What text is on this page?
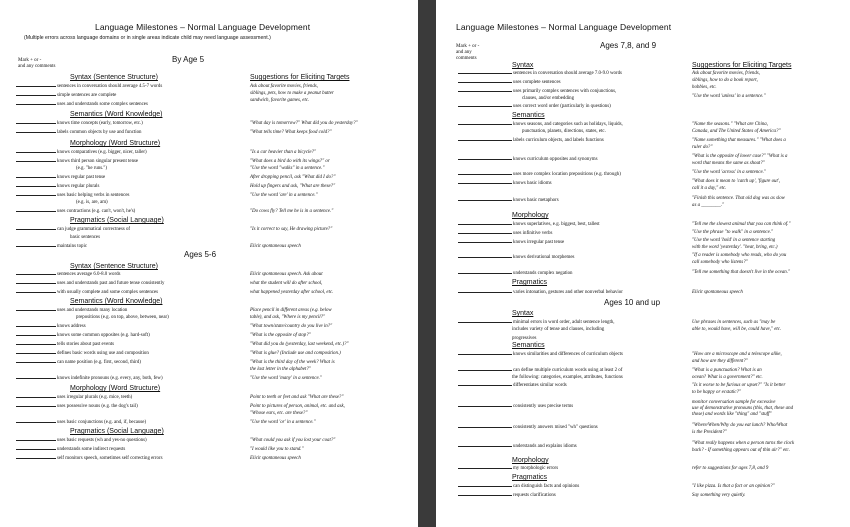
Language Milestones – Normal Language Development
(Multiple errors across language domains or in single areas indicate child may need language assessment.)
Mark + or -
and any comments
By Age 5
Suggestions for Eliciting Targets
Syntax (Sentence Structure)
sentences in conversation should average 4.5-7 words
simple sentences are complete
uses and understands some complex sentences
Semantics (Word Knowledge)
knows time concepts (early, tomorrow, etc.)
labels common objects by use and function
Morphology (Word Structure)
knows comparatives (e.g. bigger, nicer, taller)
knows third person singular present tense
(e.g. "he runs.")
knows regular past tense
knows regular plurals
uses basic helping verbs in sentences
(e.g. is, are, am)
uses contractions (e.g. can't, won't, he's)
Pragmatics (Social Language)
can judge grammatical correctness of
basic sentences
maintains topic
Ages 5-6
Syntax (Sentence Structure)
sentences average 6.0-8.0 words
uses and understands past and future tense consistently
with usually complete and some complex sentences
Semantics (Word Knowledge)
uses and understands many location
prepositions (e.g. on top, above, between, near)
knows address
knows some common opposites (e.g. hard-soft)
tells stories about past events
defines basic words using use and composition
can name position (e.g. first, second, third)
knows indefinite pronouns (e.g. every, any, both, few)
Morphology (Word Structure)
uses irregular plurals (e.g. mice, teeth)
uses possessive nouns (e.g. the dog's tail)
uses basic conjunctions (e.g. and, if, because)
Pragmatics (Social Language)
uses basic requests (wh and yes-no questions)
understands some indirect requests
self monitors speech, sometimes self correcting errors
Ask about favorite movies, friends,
siblings, pets, how to make a peanut butter
sandwich, favorite games, etc.
"What day is tomorrow?" What did you do yesterday?"
"What tells time? What keeps food cold?"
"Is a car heavier than a bicycle?"
"What does a bird do with its wings?" or
"Use the word "walks" in a sentence."
After dropping pencil, ask "What did I do?"
Hold up fingers and ask, "What are these?"
"Use the word 'are' in a sentence."
"Do cows fly? Tell me he is in a sentence."
"Is it correct to say, He drawing picture?"
Elicit spontaneous speech
Elicit spontaneous speech. Ask about
what the student will do after school,
what happened yesterday after school, etc.
Place pencil in different areas (e.g. below
table), and ask, "Where is my pencil?"
"What town/state/country do you live in?"
"What is the opposite of stop?"
"What did you do (yesterday, last weekend, etc.)?"
"What is glue? (Include use and composition.)
"What is the third day of the week? What is
the last letter in the alphabet?"
"Use the word 'many' in a sentence."
Point to teeth or feet and ask "What are these?"
Point to pictures of person, animal, etc. and ask,
"Whose ears, etc. are these?"
"Use the word 'or' in a sentence."
"What could you ask if you lost your coat?"
"I would like you to stand."
Elicit spontaneous speech
Language Milestones – Normal Language Development
Mark + or -
and any
comments
Ages 7,8, and 9
Suggestions for Eliciting Targets
Syntax
sentences in conversation should average 7.0-9.0 words
uses complete sentences
uses primarily complex sentences with conjunctions,
clauses, and/or embedding
uses correct word order (particularly in questions)
Semantics
knows seasons, and categories such as holidays, liquids,
punctuation, planets, directions, states, etc.
labels curriculum objects, and labels functions
knows curriculum opposites and synonyms
uses more complex location prepositions (e.g. through)
knows basic idioms
knows basic metaphors
Morphology
knows superlatives, e.g. biggest, best, tallest
uses infinitive verbs
knows irregular past tense
knows derivational morphemes
understands complex negation
Pragmatics
varies intonation, gestures and other nonverbal behavior
Ages 10 and up
Syntax
minimal errors in word order, adult sentence length,
includes variety of tense and clauses, including
progressives
Semantics
knows similarities and differences of curriculum objects
can define multiple curriculum words using at least 2 of
the following: categories, examples, attributes, functions
differentiates similar words
consistently uses precise terms
consistently answers mixed "wh" questions
understands and explains idioms
Morphology
my morphologic errors
Pragmatics
can distinguish facts and opinions
requests clarifications
Ask about favorite movies, friends,
siblings, how to do a book report,
hobbies, etc.
"Use the word 'unless' in a sentence."
"Name the seasons." "What are China,
Canada, and The United States of America?"
"Name something that measures." "What does a
ruler do?"
"What is the opposite of lower case?" "What is a
word that means the same as shout?"
"Use the word 'across' in a sentence."
"What does it mean to 'catch up', 'figure out',
call it a day," etc.
"Finish this sentence. That old dog was as slow
as a ________."
"Tell me the slowest animal that you can think of."
"Use the phrase "to walk" in a sentence."
"Use the word 'hold' in a sentence starting
with the word 'yesterday'. "hear, bring, etc.)
"If a reader is somebody who reads, who do you
call somebody who listens?"
"Tell me something that doesn't live in the ocean."
Elicit spontaneous speech
Use phrases in sentences, such as "may be
able to, would have, will be, could have," etc.
"How are a microscope and a telescope alike,
and how are they different?"
"What is a punctuation? What is an
ocean? What is a government?" etc.
"Is it worse to be furious or upset?" "Is it better
to be happy or ecstatic?"
monitor conversation sample for excessive
use of demonstrative pronouns (this, that, these and
those) and words like "thing" and "stuff"
"Where/When/Why do you eat lunch? Who/What
is the President?"
"What really happens when a person turns the clock
back? - If something appears out of thin air?" etc.
refer to suggestions for ages 7,8, and 9
"I like pizza. Is that a fact or an opinion?"
Say something very quietly.
